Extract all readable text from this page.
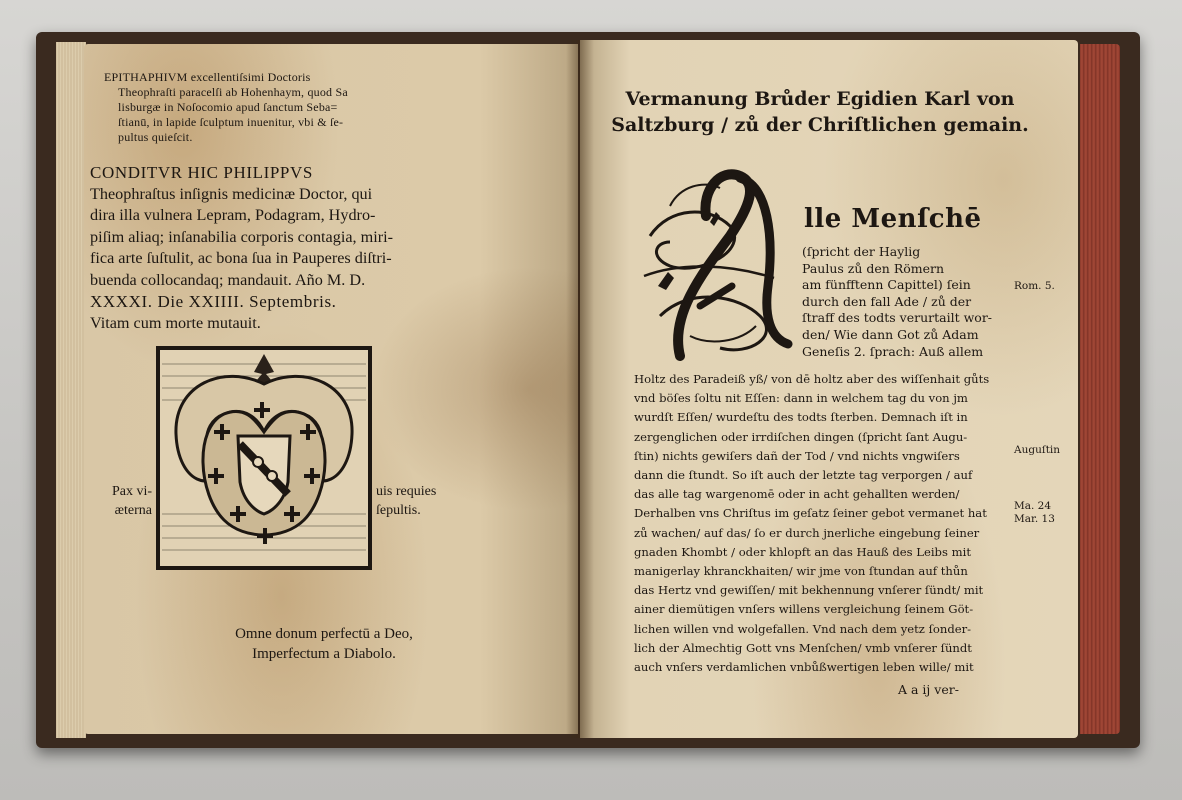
EPITHAPHIVM excellentiſsimi Doctoris
Theophraſti paracelſi ab Hohenhaym, quod Sa
lisburgæ in Noſocomio apud ſanctum Seba=
ſtianū, in lapide ſculptum inuenitur, vbi & ſe-
pultus quieſcit.
CONDITVR HIC PHILIPPVS
Theophraſtus inſignis medicinæ Doctor, qui
dira illa vulnera Lepram, Podagram, Hydro-
piſim aliaq; inſanabilia corporis contagia, miri-
fica arte ſuſtulit, ac bona ſua in Pauperes diſtri-
buenda collocandaq; mandauit. Año M. D.
XXXXI. Die XXIIII. Septembris.
Vitam cum morte mutauit.
Pax vi-
æterna
uis requies
ſepultis.
Omne donum perfectū a Deo,
Imperfectum a Diabolo.
Vermanung Brůder Egidien Karl von
Saltzburg / zů der Chriſtlichen gemain.
lle Menſchē
(ſpricht der Haylig
Paulus zů den Römern
am fünfftenn Capittel) ſein
durch den fall Ade / zů der
ſtraff des todts verurtailt wor-
den/ Wie dann Got zů Adam
Geneſis 2. ſprach: Auß allem
Holtz des Paradeiß yß/ von dē holtz aber des wiſſenhait gůts
vnd böſes ſoltu nit Eſſen: dann in welchem tag du von jm
wurdſt Eſſen/ wurdeſtu des todts ſterben. Demnach iſt in
zergenglichen oder irrdiſchen dingen (ſpricht ſant Augu-
ſtin) nichts gewiſers dañ der Tod / vnd nichts vngwiſers
dann die ſtundt. So iſt auch der letzte tag verporgen / auf
das alle tag wargenomē oder in acht gehallten werden/
Derhalben vns Chriſtus im geſatz ſeiner gebot vermanet hat
zů wachen/ auf das/ ſo er durch jnerliche eingebung ſeiner
gnaden Khombt / oder khlopft an das Hauß des Leibs mit
manigerlay khranckhaiten/ wir jme von ſtundan auf thůn
das Hertz vnd gewiſſen/ mit bekhennung vnſerer ſündt/ mit
ainer diemütigen vnſers willens vergleichung ſeinem Göt-
lichen willen vnd wolgefallen. Vnd nach dem yetz ſonder-
lich der Almechtig Gott vns Menſchen/ vmb vnſerer ſündt
auch vnſers verdamlichen vnbůßwertigen leben wille/ mit
A a ij ver-
Rom. 5.
Auguſtin
Ma. 24
Mar. 13
